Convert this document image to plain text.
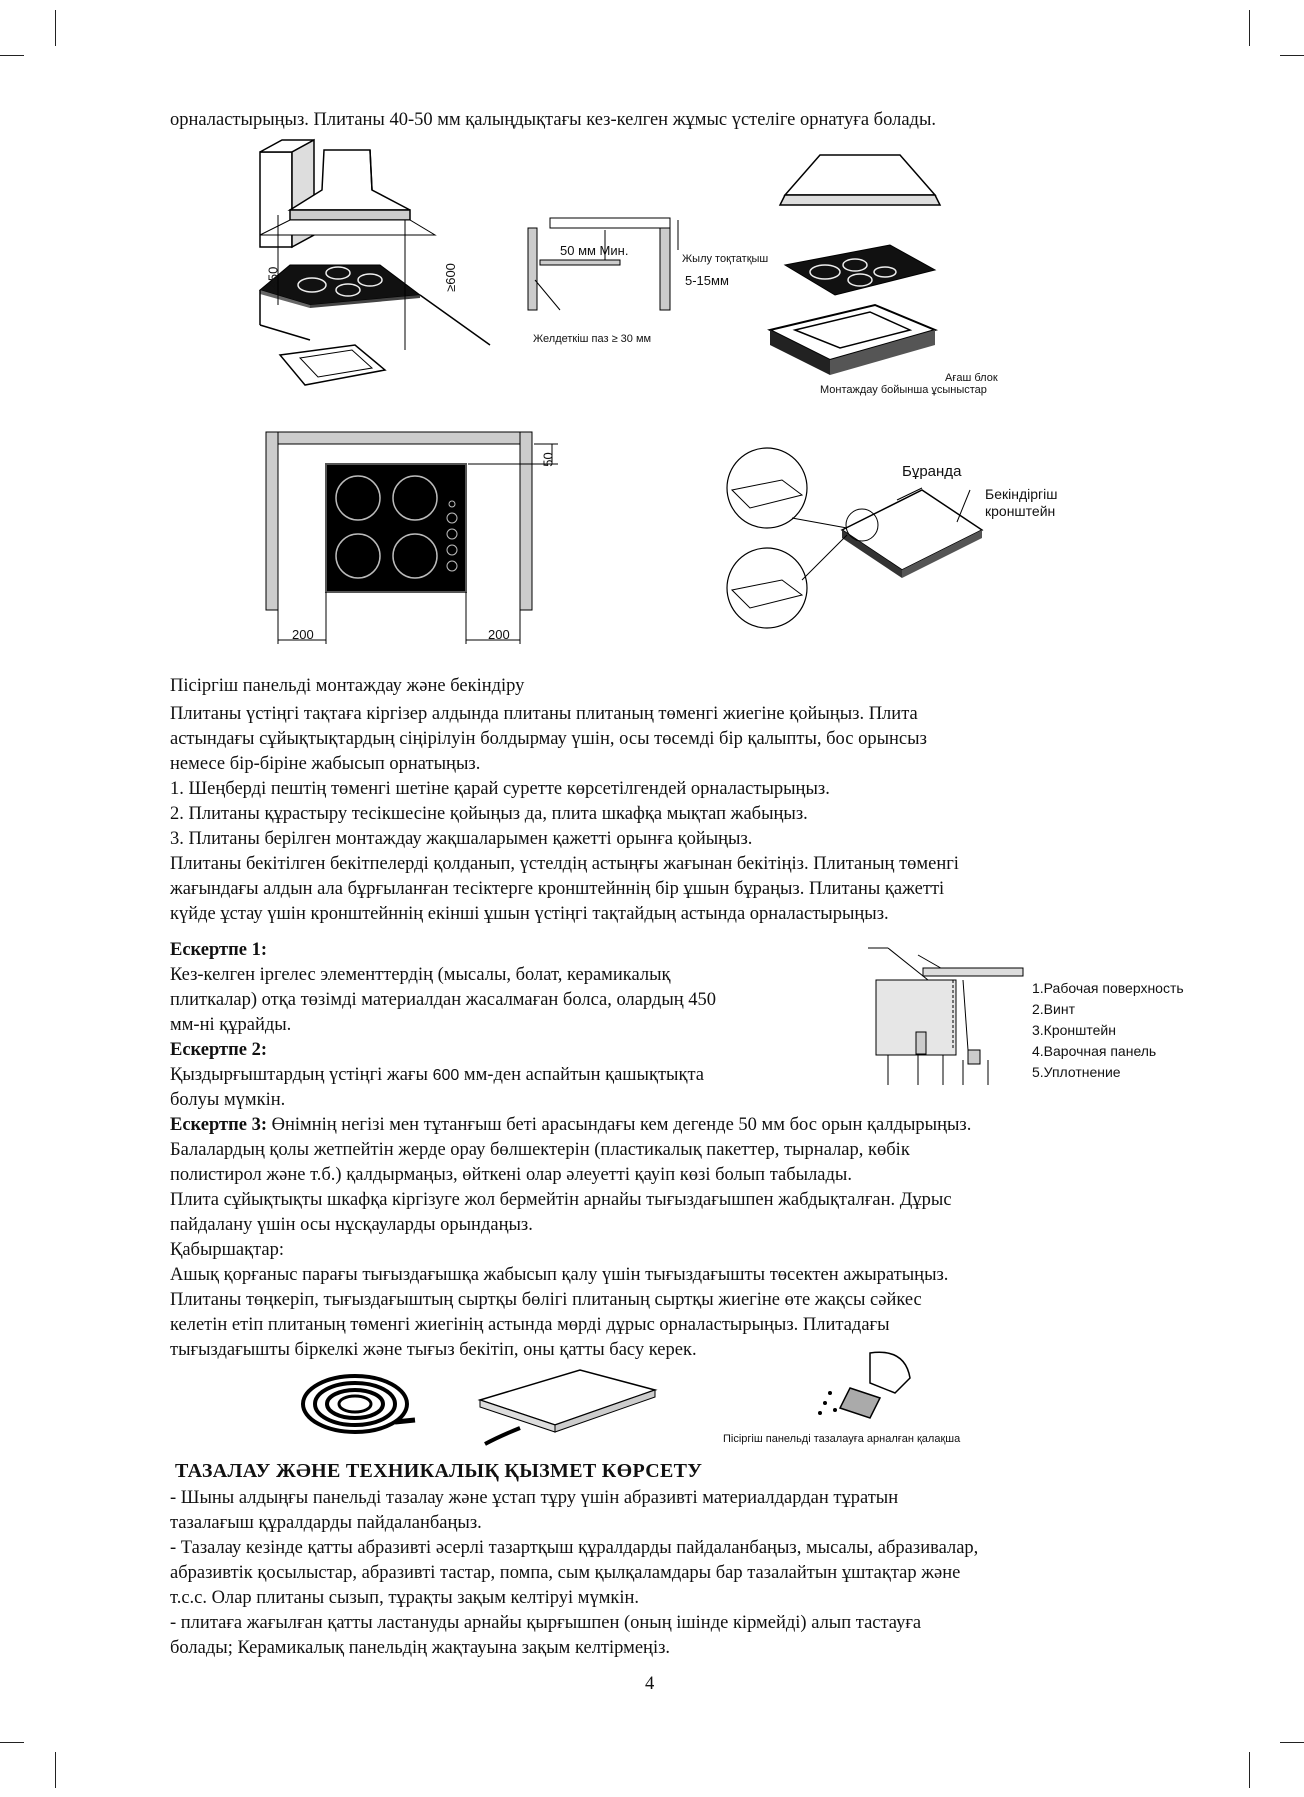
орналастырыңыз. Плитаны 40-50 мм қалыңдықтағы кез-келген жұмыс үстеліге орнатуға болады.
450	≥600
50 мм Мин.
Жылу тоқтатқыш
5-15мм
Желдеткіш паз ≥ 30 мм
Ағаш блок
Монтаждау бойынша ұсыныстар
50
200	200
Бұранда
Бекіндіргіш
кронштейн
Пісіргіш панельді монтаждау және бекіндіру

Плитаны үстіңгі тақтаға кіргізер алдында плитаны плитаның төменгі жиегіне қойыңыз. Плита

астындағы сұйықтықтардың сіңірілуін болдырмау үшін, осы төсемді бір қалыпты, бос орынсыз

немесе бір-біріне жабысып орнатыңыз.

1. Шеңберді пештің төменгі шетіне қарай суретте көрсетілгендей орналастырыңыз.

2. Плитаны құрастыру тесікшесіне қойыңыз да, плита шкафқа мықтап жабыңыз.

3. Плитаны берілген монтаждау жақшаларымен қажетті орынға қойыңыз.

Плитаны бекітілген бекітпелерді қолданып, үстелдің астыңғы жағынан бекітіңіз. Плитаның төменгі

жағындағы алдын ала бұрғыланған тесіктерге кронштейннің бір ұшын бұраңыз. Плитаны қажетті

күйде ұстау үшін кронштейннің екінші ұшын үстіңгі тақтайдың астында орналастырыңыз.

Ескертпе 1:

Кез-келген іргелес элементтердің (мысалы, болат, керамикалық

плиткалар) отқа төзімді материалдан жасалмаған болса, олардың 450

мм-ні құрайды.

Ескертпе 2:

Қыздырғыштардың үстіңгі жағы 600 мм-ден аспайтын қашықтықта

болуы мүмкін.

1.Рабочая поверхность
2.Винт
3.Кронштейн
4.Варочная панель
5.Уплотнение

Ескертпе 3: Өнімнің негізі мен тұтанғыш беті арасындағы кем дегенде 50 мм бос орын қалдырыңыз.

Балалардың қолы жетпейтін жерде орау бөлшектерін (пластикалық пакеттер, тырналар, көбік

полистирол және т.б.) қалдырмаңыз, өйткені олар әлеуетті қауіп көзі болып табылады.

Плита сұйықтықты шкафқа кіргізуге жол бермейтін арнайы тығыздағышпен жабдықталған. Дұрыс

пайдалану үшін осы нұсқауларды орындаңыз.

Қабыршақтар:

Ашық қорғаныс парағы тығыздағышқа жабысып қалу үшін тығыздағышты төсектен ажыратыңыз.

Плитаны төңкеріп, тығыздағыштың сыртқы бөлігі плитаның сыртқы жиегіне өте жақсы сәйкес

келетін етіп плитаның төменгі жиегінің астында мөрді дұрыс орналастырыңыз. Плитадағы

тығыздағышты біркелкі және тығыз бекітіп, оны қатты басу керек.

Пісіргіш панельді тазалауға арналған қалақша
ТАЗАЛАУ ЖӘНЕ ТЕХНИКАЛЫҚ ҚЫЗМЕТ КӨРСЕТУ

- Шыны алдыңғы панельді тазалау және ұстап тұру үшін абразивті материалдардан тұратын

тазалағыш құралдарды пайдаланбаңыз.

- Тазалау кезінде қатты абразивті әсерлі тазартқыш құралдарды пайдаланбаңыз, мысалы, абразивалар,

абразивтік қосылыстар, абразивті тастар, помпа, сым қылқаламдары бар тазалайтын ұштақтар және

т.с.с. Олар плитаны сызып, тұрақты зақым келтіруі мүмкін.

- плитаға жағылған қатты ластануды арнайы қырғышпен (оның ішінде кірмейді) алып тастауға

болады; Керамикалық панельдің жақтауына зақым келтірмеңіз.

4
